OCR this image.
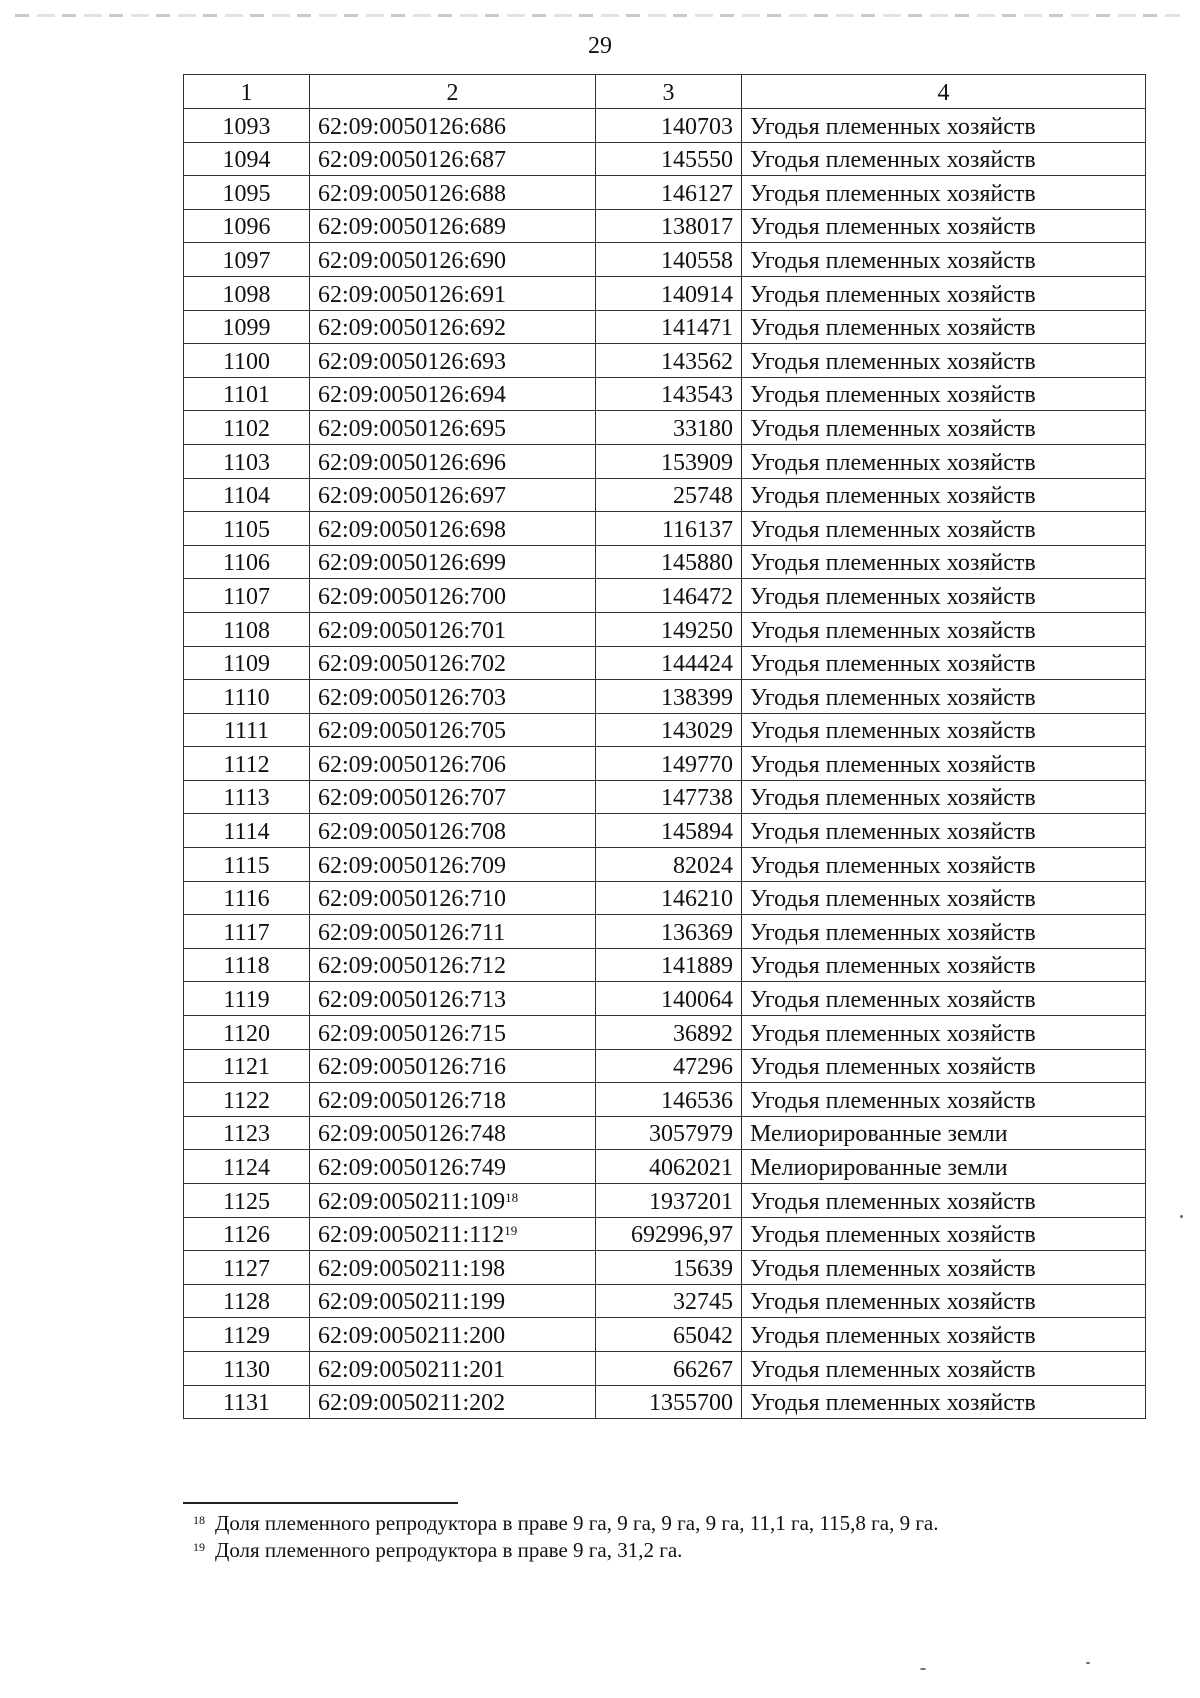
29
1	2	3	4
1093	62:09:0050126:686	140703	Угодья племенных хозяйств
1094	62:09:0050126:687	145550	Угодья племенных хозяйств
1095	62:09:0050126:688	146127	Угодья племенных хозяйств
1096	62:09:0050126:689	138017	Угодья племенных хозяйств
1097	62:09:0050126:690	140558	Угодья племенных хозяйств
1098	62:09:0050126:691	140914	Угодья племенных хозяйств
1099	62:09:0050126:692	141471	Угодья племенных хозяйств
1100	62:09:0050126:693	143562	Угодья племенных хозяйств
1101	62:09:0050126:694	143543	Угодья племенных хозяйств
1102	62:09:0050126:695	33180	Угодья племенных хозяйств
1103	62:09:0050126:696	153909	Угодья племенных хозяйств
1104	62:09:0050126:697	25748	Угодья племенных хозяйств
1105	62:09:0050126:698	116137	Угодья племенных хозяйств
1106	62:09:0050126:699	145880	Угодья племенных хозяйств
1107	62:09:0050126:700	146472	Угодья племенных хозяйств
1108	62:09:0050126:701	149250	Угодья племенных хозяйств
1109	62:09:0050126:702	144424	Угодья племенных хозяйств
1110	62:09:0050126:703	138399	Угодья племенных хозяйств
1111	62:09:0050126:705	143029	Угодья племенных хозяйств
1112	62:09:0050126:706	149770	Угодья племенных хозяйств
1113	62:09:0050126:707	147738	Угодья племенных хозяйств
1114	62:09:0050126:708	145894	Угодья племенных хозяйств
1115	62:09:0050126:709	82024	Угодья племенных хозяйств
1116	62:09:0050126:710	146210	Угодья племенных хозяйств
1117	62:09:0050126:711	136369	Угодья племенных хозяйств
1118	62:09:0050126:712	141889	Угодья племенных хозяйств
1119	62:09:0050126:713	140064	Угодья племенных хозяйств
1120	62:09:0050126:715	36892	Угодья племенных хозяйств
1121	62:09:0050126:716	47296	Угодья племенных хозяйств
1122	62:09:0050126:718	146536	Угодья племенных хозяйств
1123	62:09:0050126:748	3057979	Мелиорированные земли
1124	62:09:0050126:749	4062021	Мелиорированные земли
1125	$62:09:0050211:109^{18}$	1937201	Угодья племенных хозяйств
1126	$62:09:0050211:112^{19}$	692996,97	Угодья племенных хозяйств
1127	62:09:0050211:198	15639	Угодья племенных хозяйств
1128	62:09:0050211:199	32745	Угодья племенных хозяйств
1129	62:09:0050211:200	65042	Угодья племенных хозяйств
1130	62:09:0050211:201	66267	Угодья племенных хозяйств
1131	62:09:0050211:202	1355700	Угодья племенных хозяйств
$^{18}$ Доля племенного репродуктора в праве 9 га, 9 га, 9 га, 9 га, 11,1 га, 115,8 га, 9 га.
$^{19}$ Доля племенного репродуктора в праве 9 га, 31,2 га.
